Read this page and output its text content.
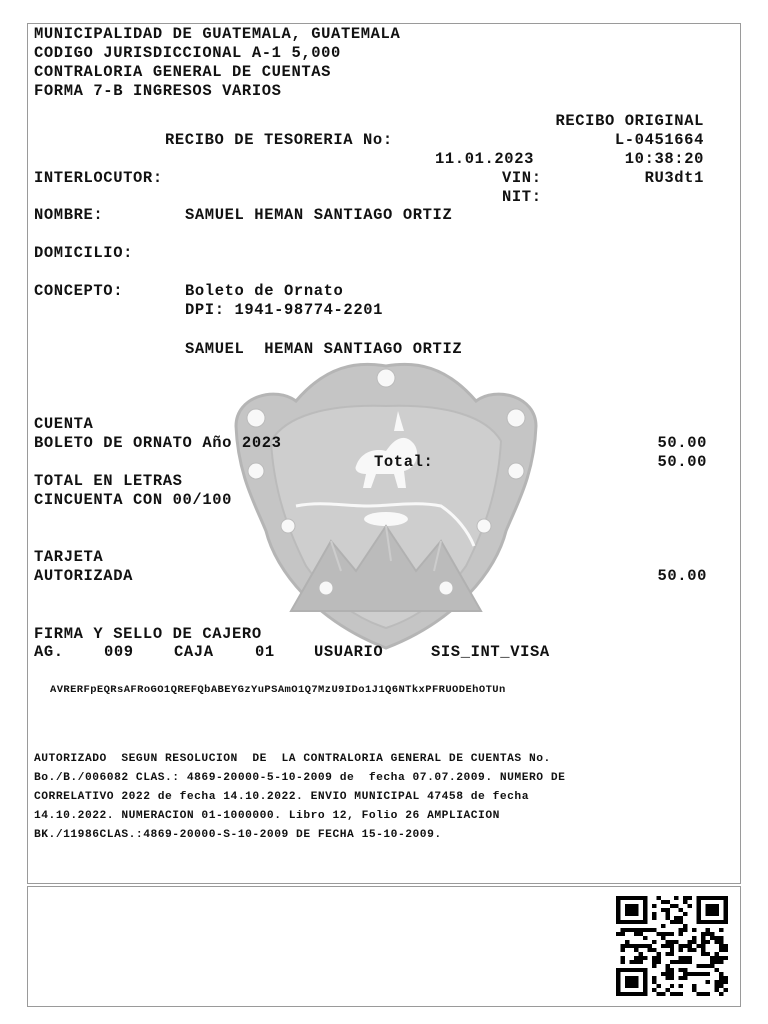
MUNICIPALIDAD DE GUATEMALA, GUATEMALA
CODIGO JURISDICCIONAL A-1 5,000
CONTRALORIA GENERAL DE CUENTAS
FORMA 7-B INGRESOS VARIOS
RECIBO ORIGINAL
RECIBO DE TESORERIA No:	L-0451664
11.01.2023	10:38:20
INTERLOCUTOR:	VIN:	RU3dt1
NIT:
NOMBRE:	SAMUEL HEMAN SANTIAGO ORTIZ
DOMICILIO:
CONCEPTO:	Boleto de Ornato
DPI: 1941-98774-2201
SAMUEL  HEMAN SANTIAGO ORTIZ
CUENTA
BOLETO DE ORNATO Año 2023	50.00
Total:	50.00
TOTAL EN LETRAS
CINCUENTA CON 00/100
TARJETA
AUTORIZADA	50.00
FIRMA Y SELLO DE CAJERO
AG.	009	CAJA	01	USUARIO	SIS_INT_VISA
AVRERFpEQRsAFRoGO1QREFQbABEYGzYuPSAmO1Q7MzU9IDo1J1Q6NTkxPFRUODEhOTUn
AUTORIZADO  SEGUN RESOLUCION  DE  LA CONTRALORIA GENERAL DE CUENTAS No.
Bo./B./006082 CLAS.: 4869-20000-5-10-2009 de  fecha 07.07.2009. NUMERO DE
CORRELATIVO 2022 de fecha 14.10.2022. ENVIO MUNICIPAL 47458 de fecha
14.10.2022. NUMERACION 01-1000000. Libro 12, Folio 26 AMPLIACION
BK./11986CLAS.:4869-20000-S-10-2009 DE FECHA 15-10-2009.
